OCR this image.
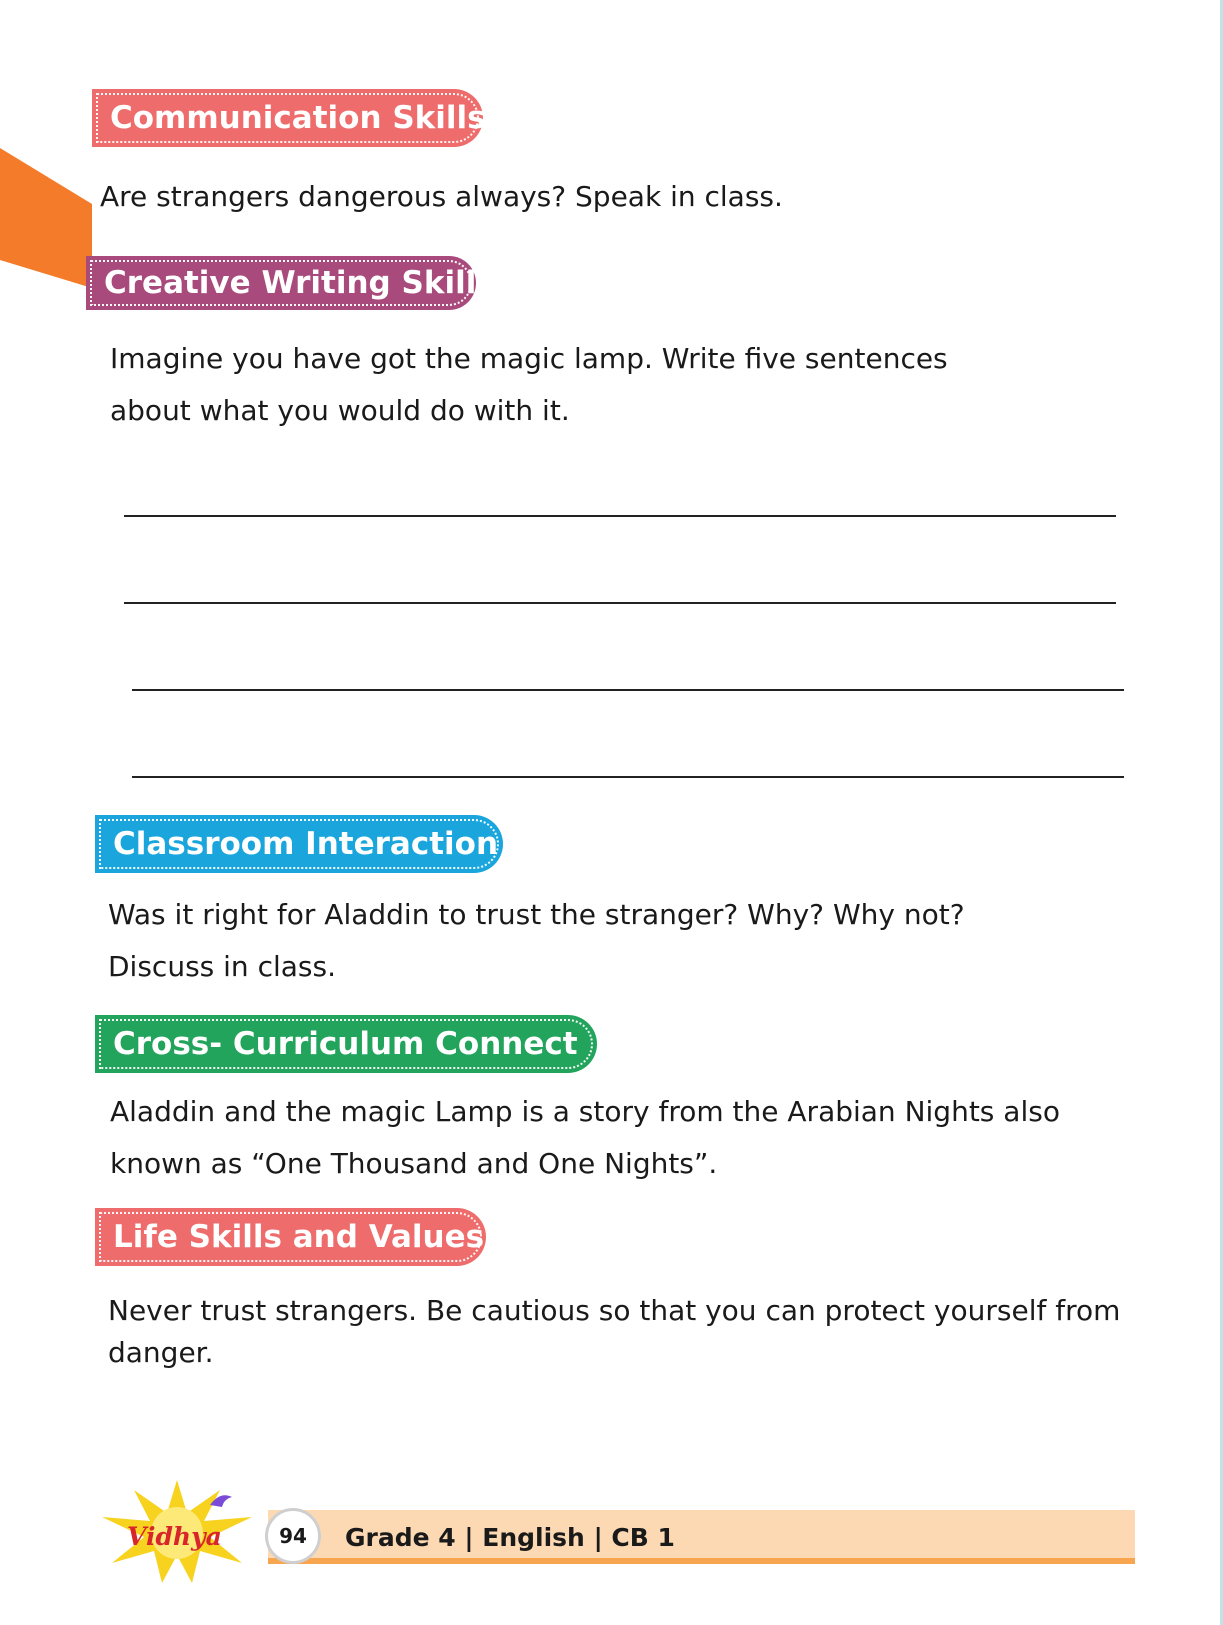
Communication Skills

Are strangers dangerous always? Speak in class.

Creative Writing Skills

Imagine you have got the magic lamp. Write five sentences
about what you would do with it.

Classroom Interaction

Was it right for Aladdin to trust the stranger? Why? Why not?
Discuss in class.

Cross- Curriculum Connect

Aladdin and the magic Lamp is a story from the Arabian Nights also
known as “One Thousand and One Nights”.

Life Skills and Values

Never trust strangers. Be cautious so that you can protect yourself from
danger.

Vidhya	94	Grade 4 | English | CB 1
